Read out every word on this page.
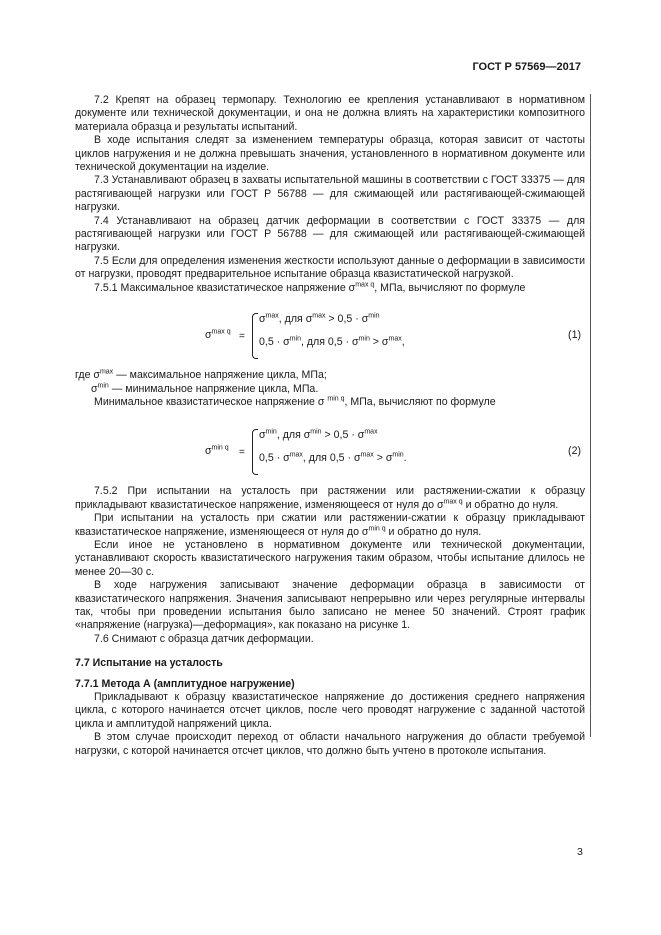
ГОСТ Р 57569—2017

7.2 Крепят на образец термопару. Технологию ее крепления устанавливают в нормативном документе или технической документации, и она не должна влиять на характеристики композитного материала образца и результаты испытаний.

В ходе испытания следят за изменением температуры образца, которая зависит от частоты циклов нагружения и не должна превышать значения, установленного в нормативном документе или технической документации на изделие.

7.3 Устанавливают образец в захваты испытательной машины в соответствии с ГОСТ 33375 — для растягивающей нагрузки или ГОСТ Р 56788 — для сжимающей или растягивающей-сжимающей нагрузки.

7.4 Устанавливают на образец датчик деформации в соответствии с ГОСТ 33375 — для растягивающей нагрузки или ГОСТ Р 56788 — для сжимающей или растягивающей-сжимающей нагрузки.

7.5 Если для определения изменения жесткости используют данные о деформации в зависимости от нагрузки, проводят предварительное испытание образца квазистатической нагрузкой.

7.5.1 Максимальное квазистатическое напряжение $\sigma^{max q}$, МПа, вычисляют по формуле

$\sigma^{max q}$ =
$\sigma^{max}$, для $\sigma^{max} > 0,5 \cdot \sigma^{min}$
$0,5 \cdot \sigma^{min}$, для $0,5 \cdot \sigma^{min} > \sigma^{max}$,
(1)

где $\sigma^{max}$ — максимальное напряжение цикла, МПа;

$\sigma^{min}$ — минимальное напряжение цикла, МПа.

Минимальное квазистатическое напряжение σ $^{min q}$, МПа, вычисляют по формуле

$\sigma^{min q}$ =
$\sigma^{min}$, для $\sigma^{min} > 0,5 \cdot \sigma^{max}$
$0,5 \cdot \sigma^{max}$, для $0,5 \cdot \sigma^{max} > \sigma^{min}$.
(2)

7.5.2 При испытании на усталость при растяжении или растяжении-сжатии к образцу прикладывают квазистатическое напряжение, изменяющееся от нуля до $\sigma^{max q}$ и обратно до нуля.

При испытании на усталость при сжатии или растяжении-сжатии к образцу прикладывают квазистатическое напряжение, изменяющееся от нуля до $\sigma^{min q}$ и обратно до нуля.

Если иное не установлено в нормативном документе или технической документации, устанавливают скорость квазистатического нагружения таким образом, чтобы испытание длилось не менее 20—30 с.

В ходе нагружения записывают значение деформации образца в зависимости от квазистатического напряжения. Значения записывают непрерывно или через регулярные интервалы так, чтобы при проведении испытания было записано не менее 50 значений. Строят график «напряжение (нагрузка)—деформация», как показано на рисунке 1.

7.6 Снимают с образца датчик деформации.

7.7 Испытание на усталость

7.7.1 Метода А (амплитудное нагружение)

Прикладывают к образцу квазистатическое напряжение до достижения среднего напряжения цикла, с которого начинается отсчет циклов, после чего проводят нагружение с заданной частотой цикла и амплитудой напряжений цикла.

В этом случае происходит переход от области начального нагружения до области требуемой нагрузки, с которой начинается отсчет циклов, что должно быть учтено в протоколе испытания.

3
